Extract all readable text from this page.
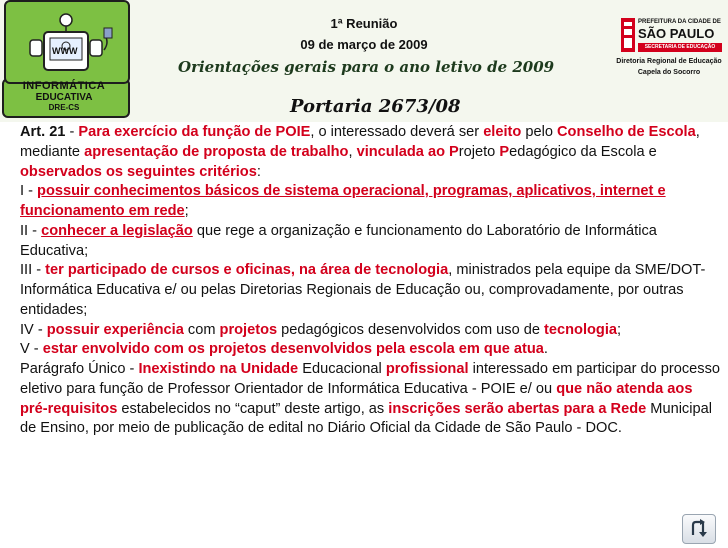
WWW
INFORMÁTICA
EDUCATIVA
DRE-CS
1ª Reunião
09 de março de 2009
Orientações gerais para o ano letivo de 2009
Portaria 2673/08
PREFEITURA DA CIDADE DE
SÃO PAULO
SECRETARIA DE EDUCAÇÃO
Diretoria Regional de Educação
Capela do Socorro

Art. 21 - Para exercício da função de POIE, o interessado deverá ser eleito pelo Conselho de Escola, mediante apresentação de proposta de trabalho, vinculada ao Projeto Pedagógico da Escola e observados os seguintes critérios:
I - possuir conhecimentos básicos de sistema operacional, programas, aplicativos, internet e funcionamento em rede;
II - conhecer a legislação que rege a organização e funcionamento do Laboratório de Informática Educativa;
III - ter participado de cursos e oficinas, na área de tecnologia, ministrados pela equipe da SME/DOT- Informática Educativa e/ ou pelas Diretorias Regionais de Educação ou, comprovadamente, por outras entidades;
IV - possuir experiência com projetos pedagógicos desenvolvidos com uso de tecnologia;
V - estar envolvido com os projetos desenvolvidos pela escola em que atua.
Parágrafo Único - Inexistindo na Unidade Educacional profissional interessado em participar do processo eletivo para função de Professor Orientador de Informática Educativa - POIE e/ ou que não atenda aos pré-requisitos estabelecidos no “caput” deste artigo, as inscrições serão abertas para a Rede Municipal de Ensino, por meio de publicação de edital no Diário Oficial da Cidade de São Paulo - DOC.
